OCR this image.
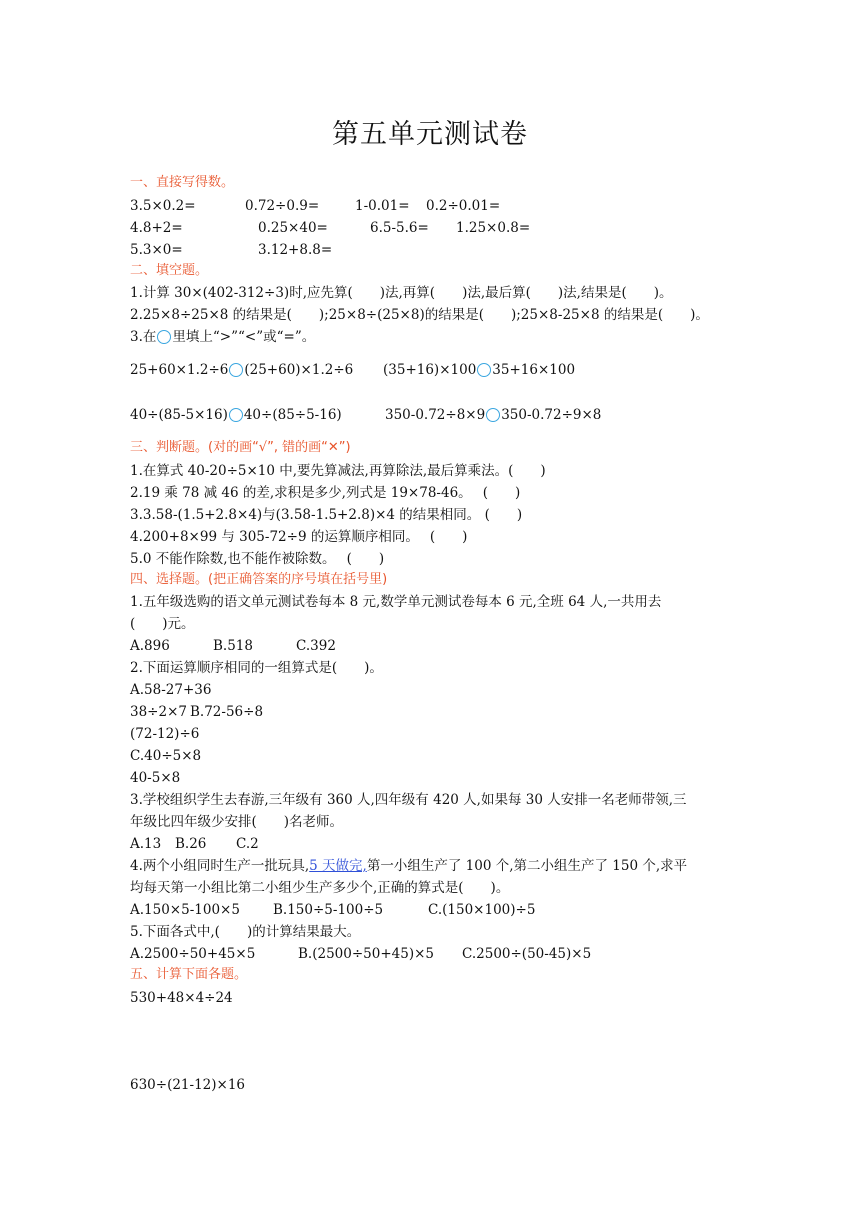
第五单元测试卷
一、直接写得数。
3.5×0.2=	0.72÷0.9=	1-0.01= 0.2÷0.01=
4.8+2=	0.25×40=	6.5-5.6= 1.25×0.8=
5.3×0=	3.12+8.8=
二、填空题。
1.计算 30×(402-312÷3)时,应先算(　　)法,再算(　　)法,最后算(　　)法,结果是(　　)。
2.25×8÷25×8 的结果是(　　);25×8÷(25×8)的结果是(　　);25×8-25×8 的结果是(　　)。
3.在 里填上“>”“<”或“=”。
25+60×1.2÷6 (25+60)×1.2÷6 (35+16)×100 35+16×100
40÷(85-5×16) 40÷(85÷5-16)	350-0.72÷8×9 350-0.72÷9×8
三、判断题。(对的画“√”, 错的画“✕”)
1.在算式 40-20÷5×10 中,要先算减法,再算除法,最后算乘法。(　　)
2.19 乘 78 减 46 的差,求积是多少,列式是 19×78-46。　 (　　)
3.3.58-(1.5+2.8×4)与(3.58-1.5+2.8)×4 的结果相同。 (　　)
4.200+8×99 与 305-72÷9 的运算顺序相同。　 (　　)
5.0 不能作除数,也不能作被除数。　 (　　)
四、选择题。(把正确答案的序号填在括号里)
1.五年级选购的语文单元测试卷每本 8 元,数学单元测试卷每本 6 元,全班 64 人,一共用去
(　　)元。
A.896	B.518	C.392
2.下面运算顺序相同的一组算式是(　　)。
A.58-27+36
38÷2×7 B.72-56÷8
(72-12)÷6
C.40÷5×8
40-5×8
3.学校组织学生去春游,三年级有 360 人,四年级有 420 人,如果每 30 人安排一名老师带领,三
年级比四年级少安排(　　)名老师。
A.13 B.26 C.2
4.两个小组同时生产一批玩具,5 天做完,第一小组生产了 100 个,第二小组生产了 150 个,求平
均每天第一小组比第二小组少生产多少个,正确的算式是(　　)。
A.150×5-100×5 B.150÷5-100÷5	C.(150×100)÷5
5.下面各式中,(　　)的计算结果最大。
A.2500÷50+45×5	B.(2500÷50+45)×5 C.2500÷(50-45)×5
五、计算下面各题。
530+48×4÷24
630÷(21-12)×16
